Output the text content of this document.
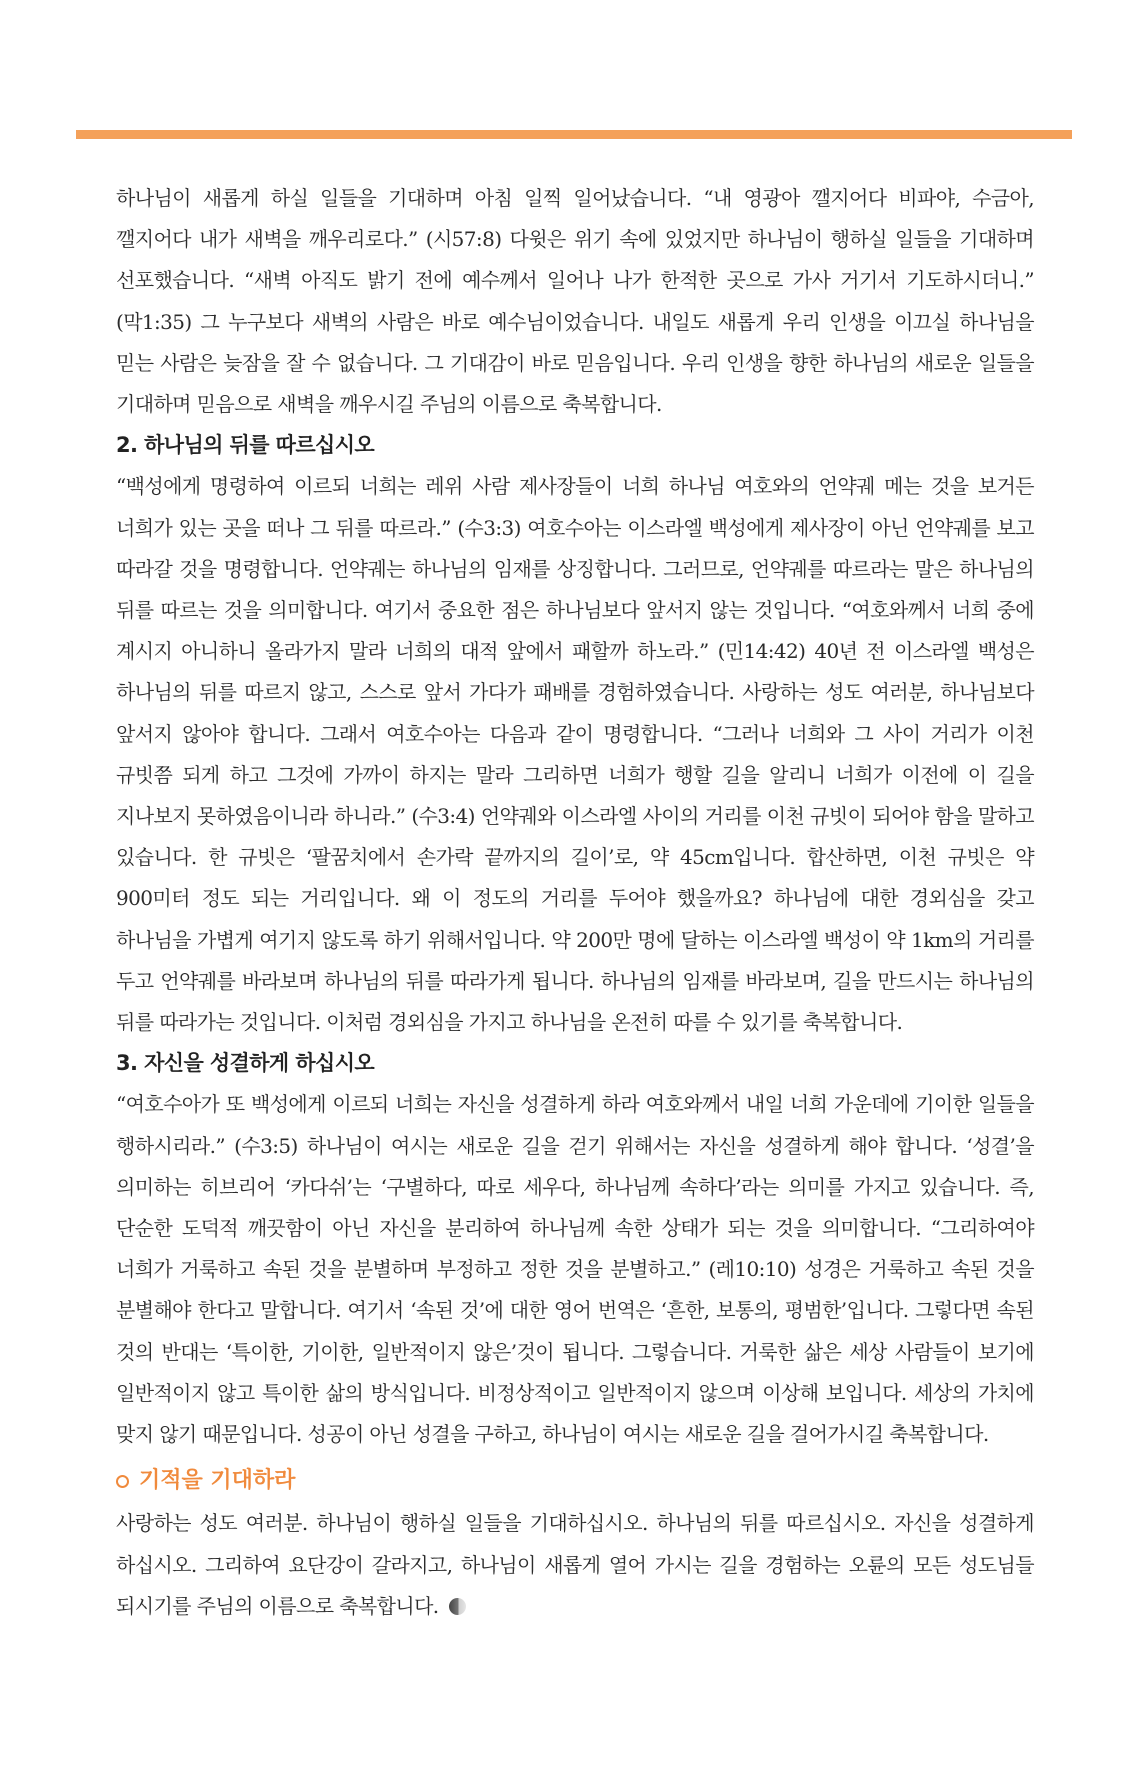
하나님이 새롭게 하실 일들을 기대하며 아침 일찍 일어났습니다. “내 영광아 깰지어다 비파야, 수금아, 깰지어다 내가 새벽을 깨우리로다.” (시57:8) 다윗은 위기 속에 있었지만 하나님이 행하실 일들을 기대하며 선포했습니다. “새벽 아직도 밝기 전에 예수께서 일어나 나가 한적한 곳으로 가사 거기서 기도하시더니.” (막1:35) 그 누구보다 새벽의 사람은 바로 예수님이었습니다. 내일도 새롭게 우리 인생을 이끄실 하나님을 믿는 사람은 늦잠을 잘 수 없습니다. 그 기대감이 바로 믿음입니다. 우리 인생을 향한 하나님의 새로운 일들을 기대하며 믿음으로 새벽을 깨우시길 주님의 이름으로 축복합니다.

2. 하나님의 뒤를 따르십시오

“백성에게 명령하여 이르되 너희는 레위 사람 제사장들이 너희 하나님 여호와의 언약궤 메는 것을 보거든 너희가 있는 곳을 떠나 그 뒤를 따르라.” (수3:3) 여호수아는 이스라엘 백성에게 제사장이 아닌 언약궤를 보고 따라갈 것을 명령합니다. 언약궤는 하나님의 임재를 상징합니다. 그러므로, 언약궤를 따르라는 말은 하나님의 뒤를 따르는 것을 의미합니다. 여기서 중요한 점은 하나님보다 앞서지 않는 것입니다. “여호와께서 너희 중에 계시지 아니하니 올라가지 말라 너희의 대적 앞에서 패할까 하노라.” (민14:42) 40년 전 이스라엘 백성은 하나님의 뒤를 따르지 않고, 스스로 앞서 가다가 패배를 경험하였습니다. 사랑하는 성도 여러분, 하나님보다 앞서지 않아야 합니다. 그래서 여호수아는 다음과 같이 명령합니다. “그러나 너희와 그 사이 거리가 이천 규빗쯤 되게 하고 그것에 가까이 하지는 말라 그리하면 너희가 행할 길을 알리니 너희가 이전에 이 길을 지나보지 못하였음이니라 하니라.” (수3:4) 언약궤와 이스라엘 사이의 거리를 이천 규빗이 되어야 함을 말하고 있습니다. 한 규빗은 ‘팔꿈치에서 손가락 끝까지의 길이’로, 약 45cm입니다. 합산하면, 이천 규빗은 약 900미터 정도 되는 거리입니다. 왜 이 정도의 거리를 두어야 했을까요? 하나님에 대한 경외심을 갖고 하나님을 가볍게 여기지 않도록 하기 위해서입니다. 약 200만 명에 달하는 이스라엘 백성이 약 1km의 거리를 두고 언약궤를 바라보며 하나님의 뒤를 따라가게 됩니다. 하나님의 임재를 바라보며, 길을 만드시는 하나님의 뒤를 따라가는 것입니다. 이처럼 경외심을 가지고 하나님을 온전히 따를 수 있기를 축복합니다.

3. 자신을 성결하게 하십시오

“여호수아가 또 백성에게 이르되 너희는 자신을 성결하게 하라 여호와께서 내일 너희 가운데에 기이한 일들을 행하시리라.” (수3:5) 하나님이 여시는 새로운 길을 걷기 위해서는 자신을 성결하게 해야 합니다. ‘성결’을 의미하는 히브리어 ‘카다쉬’는 ‘구별하다, 따로 세우다, 하나님께 속하다’라는 의미를 가지고 있습니다. 즉, 단순한 도덕적 깨끗함이 아닌 자신을 분리하여 하나님께 속한 상태가 되는 것을 의미합니다. “그리하여야 너희가 거룩하고 속된 것을 분별하며 부정하고 정한 것을 분별하고.” (레10:10) 성경은 거룩하고 속된 것을 분별해야 한다고 말합니다. 여기서 ‘속된 것’에 대한 영어 번역은 ‘흔한, 보통의, 평범한’입니다. 그렇다면 속된 것의 반대는 ‘특이한, 기이한, 일반적이지 않은’것이 됩니다. 그렇습니다. 거룩한 삶은 세상 사람들이 보기에 일반적이지 않고 특이한 삶의 방식입니다. 비정상적이고 일반적이지 않으며 이상해 보입니다. 세상의 가치에 맞지 않기 때문입니다. 성공이 아닌 성결을 구하고, 하나님이 여시는 새로운 길을 걸어가시길 축복합니다.

기적을 기대하라

사랑하는 성도 여러분. 하나님이 행하실 일들을 기대하십시오. 하나님의 뒤를 따르십시오. 자신을 성결하게 하십시오. 그리하여 요단강이 갈라지고, 하나님이 새롭게 열어 가시는 길을 경험하는 오륜의 모든 성도님들 되시기를 주님의 이름으로 축복합니다.
